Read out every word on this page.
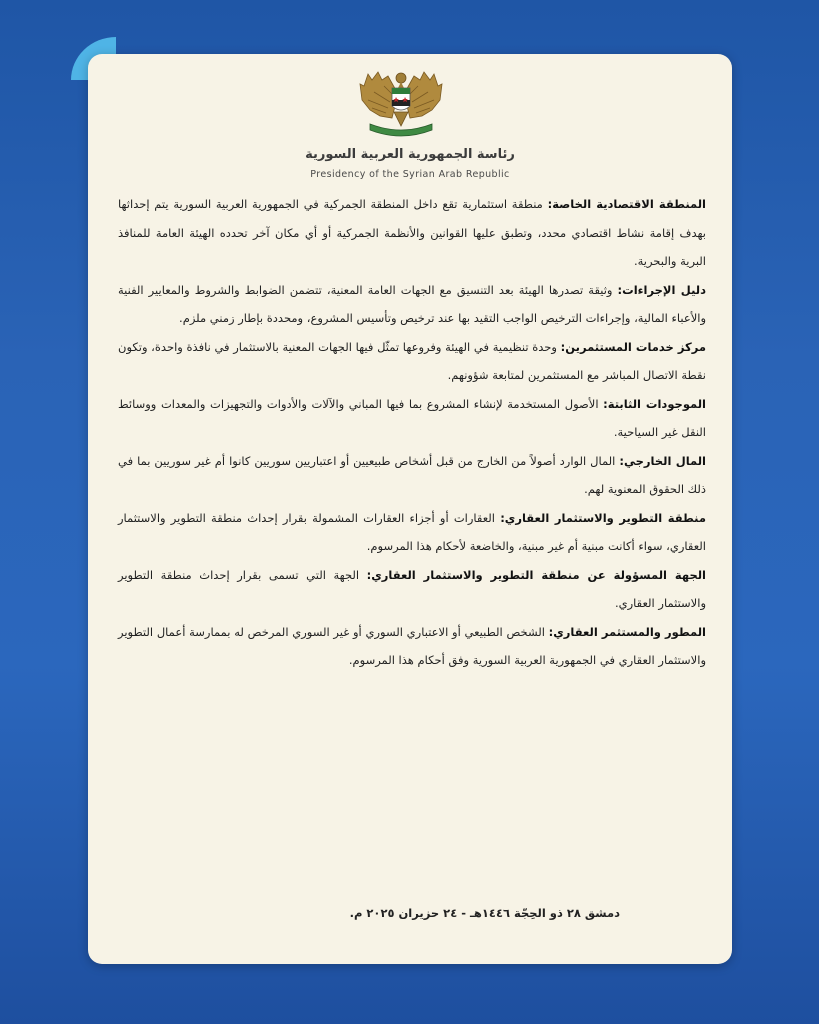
رئاسة الجمهورية العربية السورية
Presidency of the Syrian Arab Republic

المنطقة الاقتصادية الخاصة: منطقة استثمارية تقع داخل المنطقة الجمركية في الجمهورية العربية السورية يتم إحداثها بهدف إقامة نشاط اقتصادي محدد، وتطبق عليها القوانين والأنظمة الجمركية أو أي مكان آخر تحدده الهيئة العامة للمنافذ البرية والبحرية.

دليل الإجراءات: وثيقة تصدرها الهيئة بعد التنسيق مع الجهات العامة المعنية، تتضمن الضوابط والشروط والمعايير الفنية والأعباء المالية، وإجراءات الترخيص الواجب التقيد بها عند ترخيص وتأسيس المشروع، ومحددة بإطار زمني ملزم.

مركز خدمات المستثمرين: وحدة تنظيمية في الهيئة وفروعها تمثّل فيها الجهات المعنية بالاستثمار في نافذة واحدة، وتكون نقطة الاتصال المباشر مع المستثمرين لمتابعة شؤونهم.

الموجودات الثابتة: الأصول المستخدمة لإنشاء المشروع بما فيها المباني والآلات والأدوات والتجهيزات والمعدات ووسائط النقل غير السياحية.

المال الخارجي: المال الوارد أصولاً من الخارج من قبل أشخاص طبيعيين أو اعتباريين سوريين كانوا أم غير سوريين بما في ذلك الحقوق المعنوية لهم.

منطقة التطوير والاستثمار العقاري: العقارات أو أجزاء العقارات المشمولة بقرار إحداث منطقة التطوير والاستثمار العقاري، سواء أكانت مبنية أم غير مبنية، والخاضعة لأحكام هذا المرسوم.

الجهة المسؤولة عن منطقة التطوير والاستثمار العقاري: الجهة التي تسمى بقرار إحداث منطقة التطوير والاستثمار العقاري.

المطور والمستثمر العقاري: الشخص الطبيعي أو الاعتباري السوري أو غير السوري المرخص له بممارسة أعمال التطوير والاستثمار العقاري في الجمهورية العربية السورية وفق أحكام هذا المرسوم.

دمشق ٢٨ ذو الحِجّة ١٤٤٦هـ - ٢٤ حزيران ٢٠٢٥ م.
